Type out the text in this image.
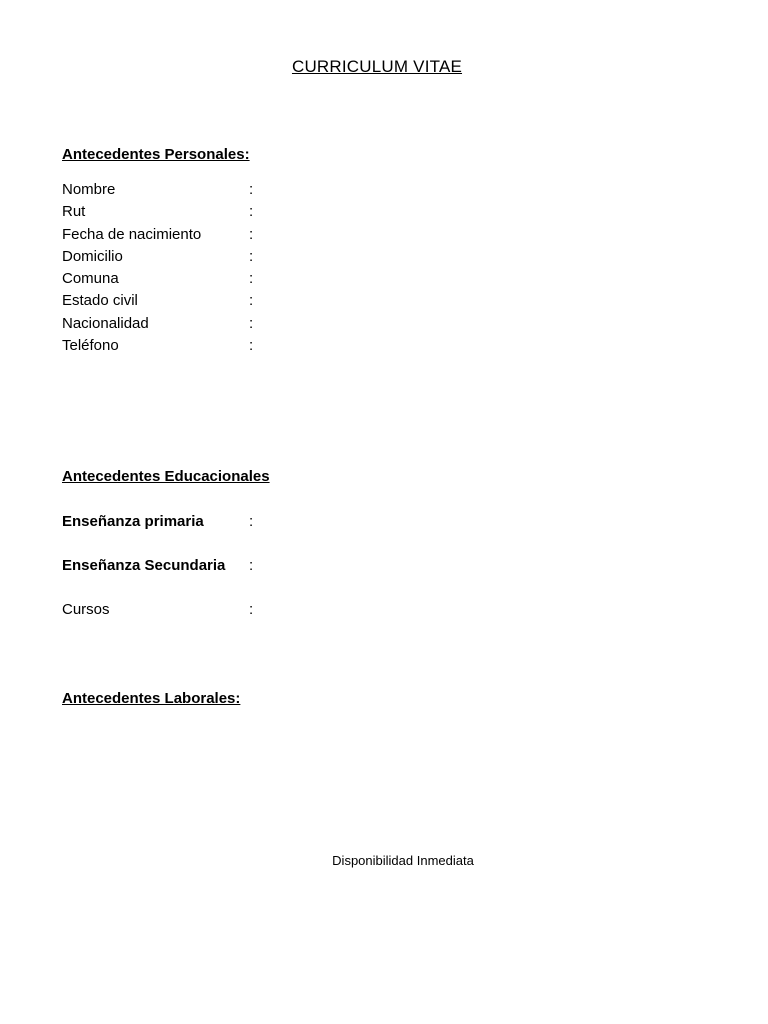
CURRICULUM VITAE
Antecedentes Personales:
Nombre	:
Rut	:
Fecha de nacimiento	:
Domicilio	:
Comuna	:
Estado civil	:
Nacionalidad	:
Teléfono	:
Antecedentes Educacionales
Enseñanza primaria	:
Enseñanza Secundaria :
Cursos	:
Antecedentes Laborales:
Disponibilidad Inmediata
